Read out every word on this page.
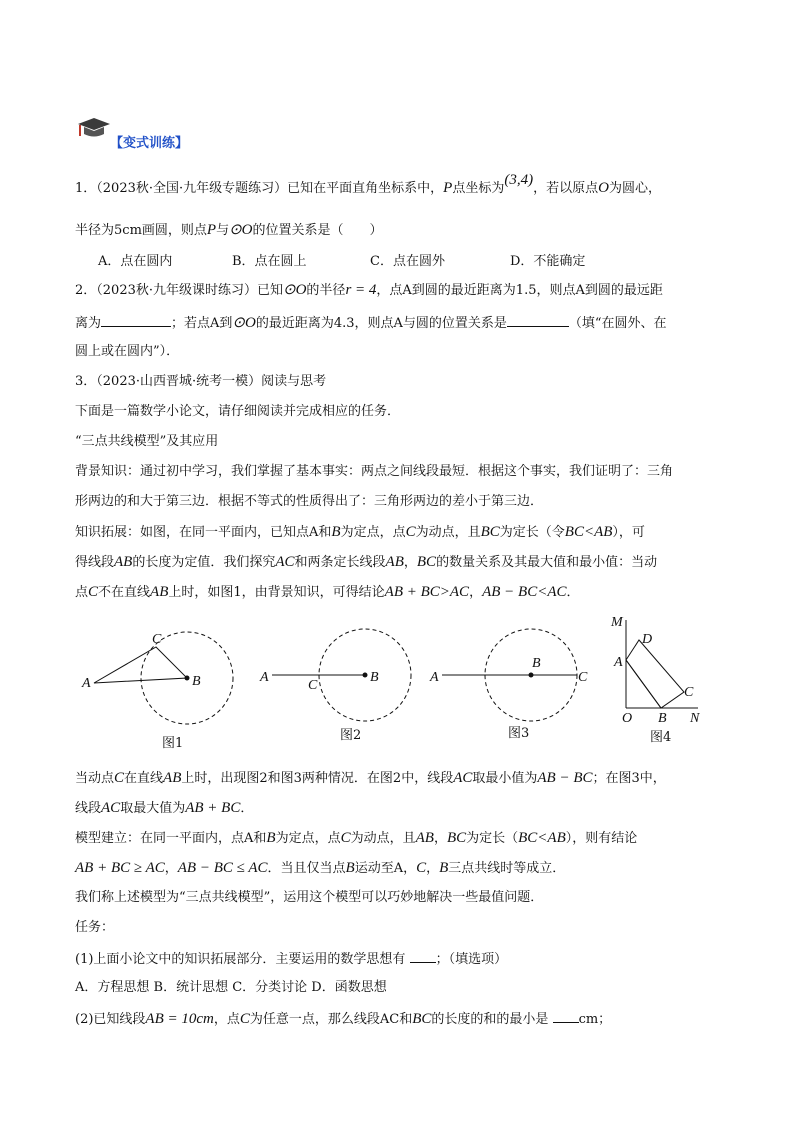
【变式训练】
1．（2023秋·全国·九年级专题练习）已知在平面直角坐标系中，P点坐标为(3,4)，若以原点O为圆心，
半径为5cm画圆，则点P与⊙O的位置关系是（　　）
A．点在圆内	B．点在圆上	C．点在圆外	D．不能确定
2．（2023秋·九年级课时练习）已知⊙O的半径r = 4，点A到圆的最近距离为1.5，则点A到圆的最远距
离为	；若点A到⊙O的最近距离为4.3，则点A与圆的位置关系是	（填“在圆外、在
圆上或在圆内”）．
3．（2023·山西晋城·统考一模）阅读与思考
下面是一篇数学小论文，请仔细阅读并完成相应的任务．
“三点共线模型”及其应用
背景知识：通过初中学习，我们掌握了基本事实：两点之间线段最短．根据这个事实，我们证明了：三角
形两边的和大于第三边．根据不等式的性质得出了：三角形两边的差小于第三边．
知识拓展：如图，在同一平面内，已知点A和B为定点，点C为动点，且BC为定长（令BC<AB），可
得线段AB的长度为定值．我们探究AC和两条定长线段AB，BC的数量关系及其最大值和最小值：当动
点C不在直线AB上时，如图1，由背景知识，可得结论AB + BC>AC，AB − BC<AC．
A
C
B
图1
A
C
B
图2
A
B
C
图3
M
D
A
C
O B N
图4
当动点C在直线AB上时，出现图2和图3两种情况．在图2中，线段AC取最小值为AB − BC；在图3中，
线段AC取最大值为AB + BC．
模型建立：在同一平面内，点A和B为定点，点C为动点，且AB，BC为定长（BC<AB），则有结论
AB + BC ≥ AC，AB − BC ≤ AC．当且仅当点B运动至A，C，B三点共线时等成立．
我们称上述模型为“三点共线模型”，运用这个模型可以巧妙地解决一些最值问题．
任务：
(1)上面小论文中的知识拓展部分．主要运用的数学思想有 ；（填选项）
A．方程思想 B．统计思想 C．分类讨论 D．函数思想
(2)已知线段AB = 10cm，点C为任意一点，那么线段AC和BC的长度的和的最小是 cm；
